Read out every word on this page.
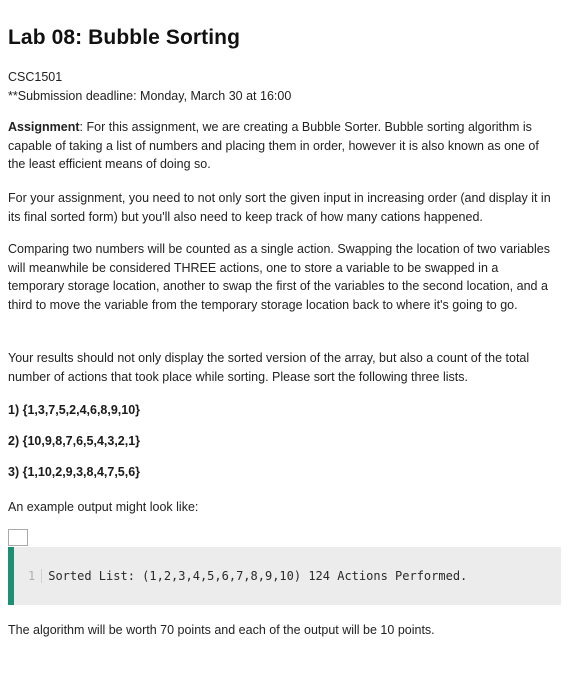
Lab 08: Bubble Sorting
CSC1501
**Submission deadline: Monday, March 30 at 16:00

Assignment: For this assignment, we are creating a Bubble Sorter. Bubble sorting algorithm is capable of taking a list of numbers and placing them in order, however it is also known as one of the least efficient means of doing so.

For your assignment, you need to not only sort the given input in increasing order (and display it in its final sorted form) but you'll also need to keep track of how many cations happened.

Comparing two numbers will be counted as a single action. Swapping the location of two variables will meanwhile be considered THREE actions, one to store a variable to be swapped in a temporary storage location, another to swap the first of the variables to the second location, and a third to move the variable from the temporary storage location back to where it's going to go.

Your results should not only display the sorted version of the array, but also a count of the total number of actions that took place while sorting. Please sort the following three lists.

1) {1,3,7,5,2,4,6,8,9,10}
2) {10,9,8,7,6,5,4,3,2,1}
3) {1,10,2,9,3,8,4,7,5,6}
An example output might look like:
1 Sorted List: (1,2,3,4,5,6,7,8,9,10) 124 Actions Performed.
The algorithm will be worth 70 points and each of the output will be 10 points.
